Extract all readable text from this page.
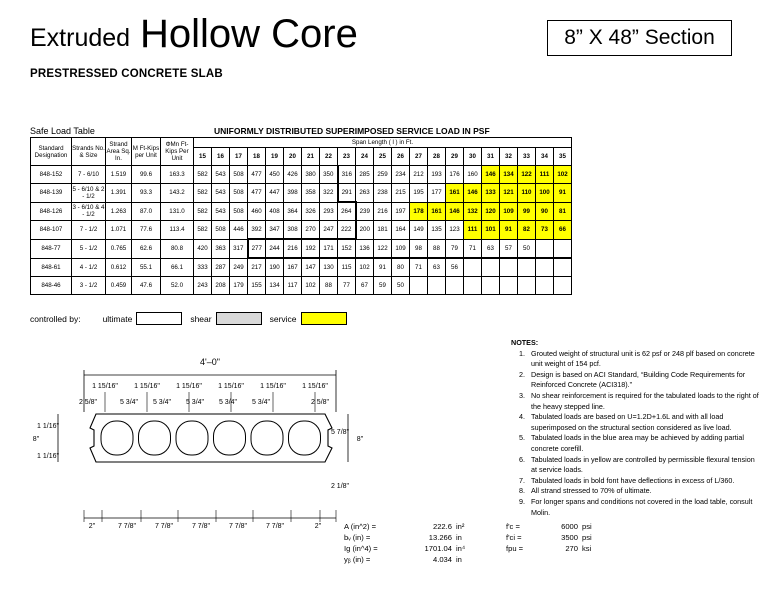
Extruded Hollow Core
PRESTRESSED CONCRETE SLAB
8” X 48” Section
Safe Load Table	UNIFORMLY DISTRIBUTED SUPERIMPOSED SERVICE LOAD IN PSF
Standard Designation	Strands No. & Size	Strand Area Sq. In.	M Ft-Kips per Unit	ΦMn Ft-Kips Per Unit	Span Length ( l ) in Ft.																				
					15	16	17	18	19	20	21	22	23	24	25	26	27	28	29	30	31	32	33	34	35
848-152	7 - 6/10	1.519	99.6	163.3	582	543	508	477	450	426	380	350	316	285	259	234	212	193	176	160	146	134	122	111	102
848-139	5 - 6/10 & 2 - 1/2	1.391	93.3	143.2	582	543	508	477	447	398	358	322	291	263	238	215	195	177	161	146	133	121	110	100	91
848-126	3 - 6/10 & 4 - 1/2	1.263	87.0	131.0	582	543	508	460	408	364	326	293	264	239	216	197	178	161	146	132	120	109	99	90	81
848-107	7 - 1/2	1.071	77.6	113.4	582	508	446	392	347	308	270	247	222	200	181	164	149	135	123	111	101	91	82	73	66
848-77	5 - 1/2	0.765	62.6	80.8	420	363	317	277	244	216	192	171	152	136	122	109	98	88	79	71	63	57	50		
848-61	4 - 1/2	0.612	55.1	66.1	333	287	249	217	190	167	147	130	115	102	91	80	71	63	56						
848-46	3 - 1/2	0.459	47.6	52.0	243	208	179	155	134	117	102	88	77	67	59	50									
controlled by:	ultimate	shear	service
4'–0"
1 15/16" 1 15/16" 1 15/16" 1 15/16" 1 15/16" 1 15/16"
2 5/8"	5 3/4" 5 3/4" 5 3/4" 5 3/4" 5 3/4"	2 5/8"
1 1/16"
8"
1 1/16"
5 7/8"
8"
2 1/8"
2"	7 7/8"	7 7/8"	7 7/8"	7 7/8"	7 7/8"	2"	A (in^2) =	222.6 in²
bᵥ (in) =	13.266 in
Iɡ (in^4) =	1701.04 in⁴
yᵦ (in) =	4.034 in
f'c =	6000 psi
f'ci =	3500 psi
fpu =	270 ksi
NOTES:
1. Grouted weight of structural unit is 62 psf or 248 plf based on concrete unit weight of 154 pcf.
2. Design is based on ACI Standard, “Building Code Requirements for Reinforced Concrete (ACI318).”
3. No shear reinforcement is required for the tabulated loads to the right of the heavy stepped line.
4. Tabulated loads are based on U=1.2D+1.6L and with all load superimposed on the structural section considered as live load.
5. Tabulated loads in the blue area may be achieved by adding partial concrete corefill.
6. Tabulated loads in yellow are controlled by permissible flexural tension at service loads.
7. Tabulated loads in bold font have deflections in excess of L/360.
8. All strand stressed to 70% of ultimate.
9. For longer spans and conditions not covered in the load table, consult Molin.
